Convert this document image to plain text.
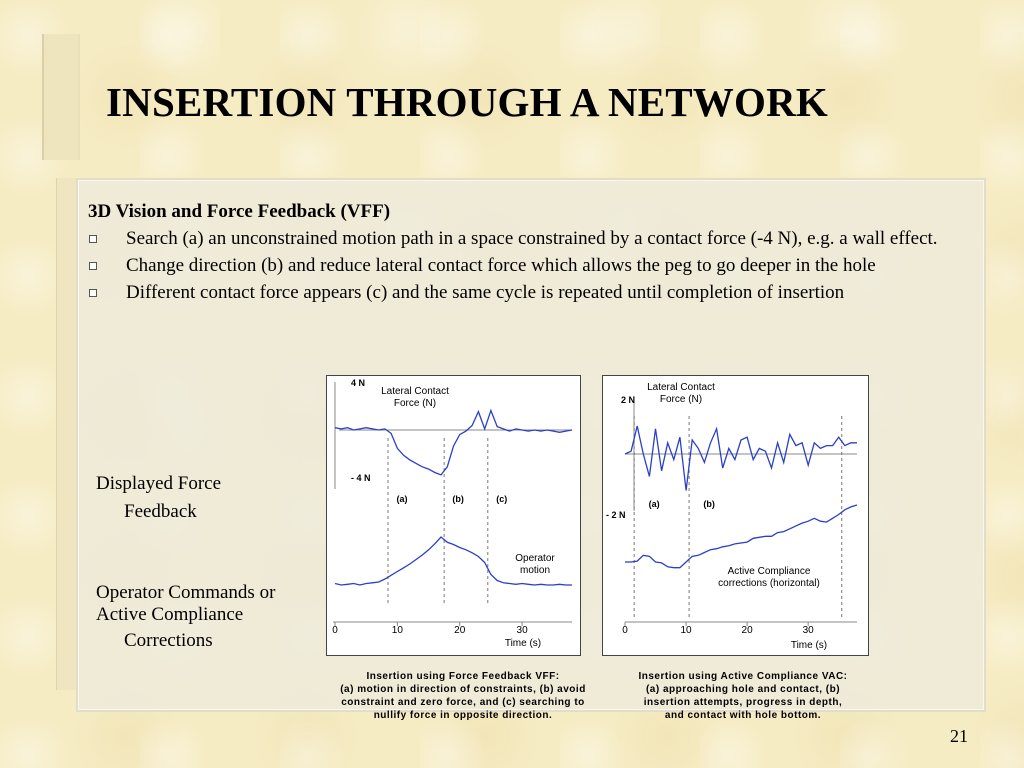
INSERTION THROUGH A NETWORK
3D Vision and Force Feedback (VFF)
Search (a) an unconstrained motion path in a space constrained by a contact force (-4 N), e.g. a wall effect.
Change direction (b) and reduce lateral contact force which allows the peg to go deeper in the hole
Different contact force appears (c) and the same cycle is repeated until completion of insertion
Displayed Force
Feedback
Operator Commands or
Active Compliance
Corrections
4 N
- 4 N
Lateral Contact
Force (N)
Operator
motion
Time (s)
(a)	(b)	(c)
0	10	20	30
2 N
- 2 N
Lateral Contact
Force (N)
Active Compliance
corrections (horizontal)
Time (s)
(a)	(b)
0	10	20	30
Insertion using Force Feedback VFF:
(a) motion in direction of constraints, (b) avoid
constraint and zero force, and (c) searching to
nullify force in opposite direction.
Insertion using Active Compliance VAC:
(a) approaching hole and contact, (b)
insertion attempts, progress in depth,
and contact with hole bottom.
21
